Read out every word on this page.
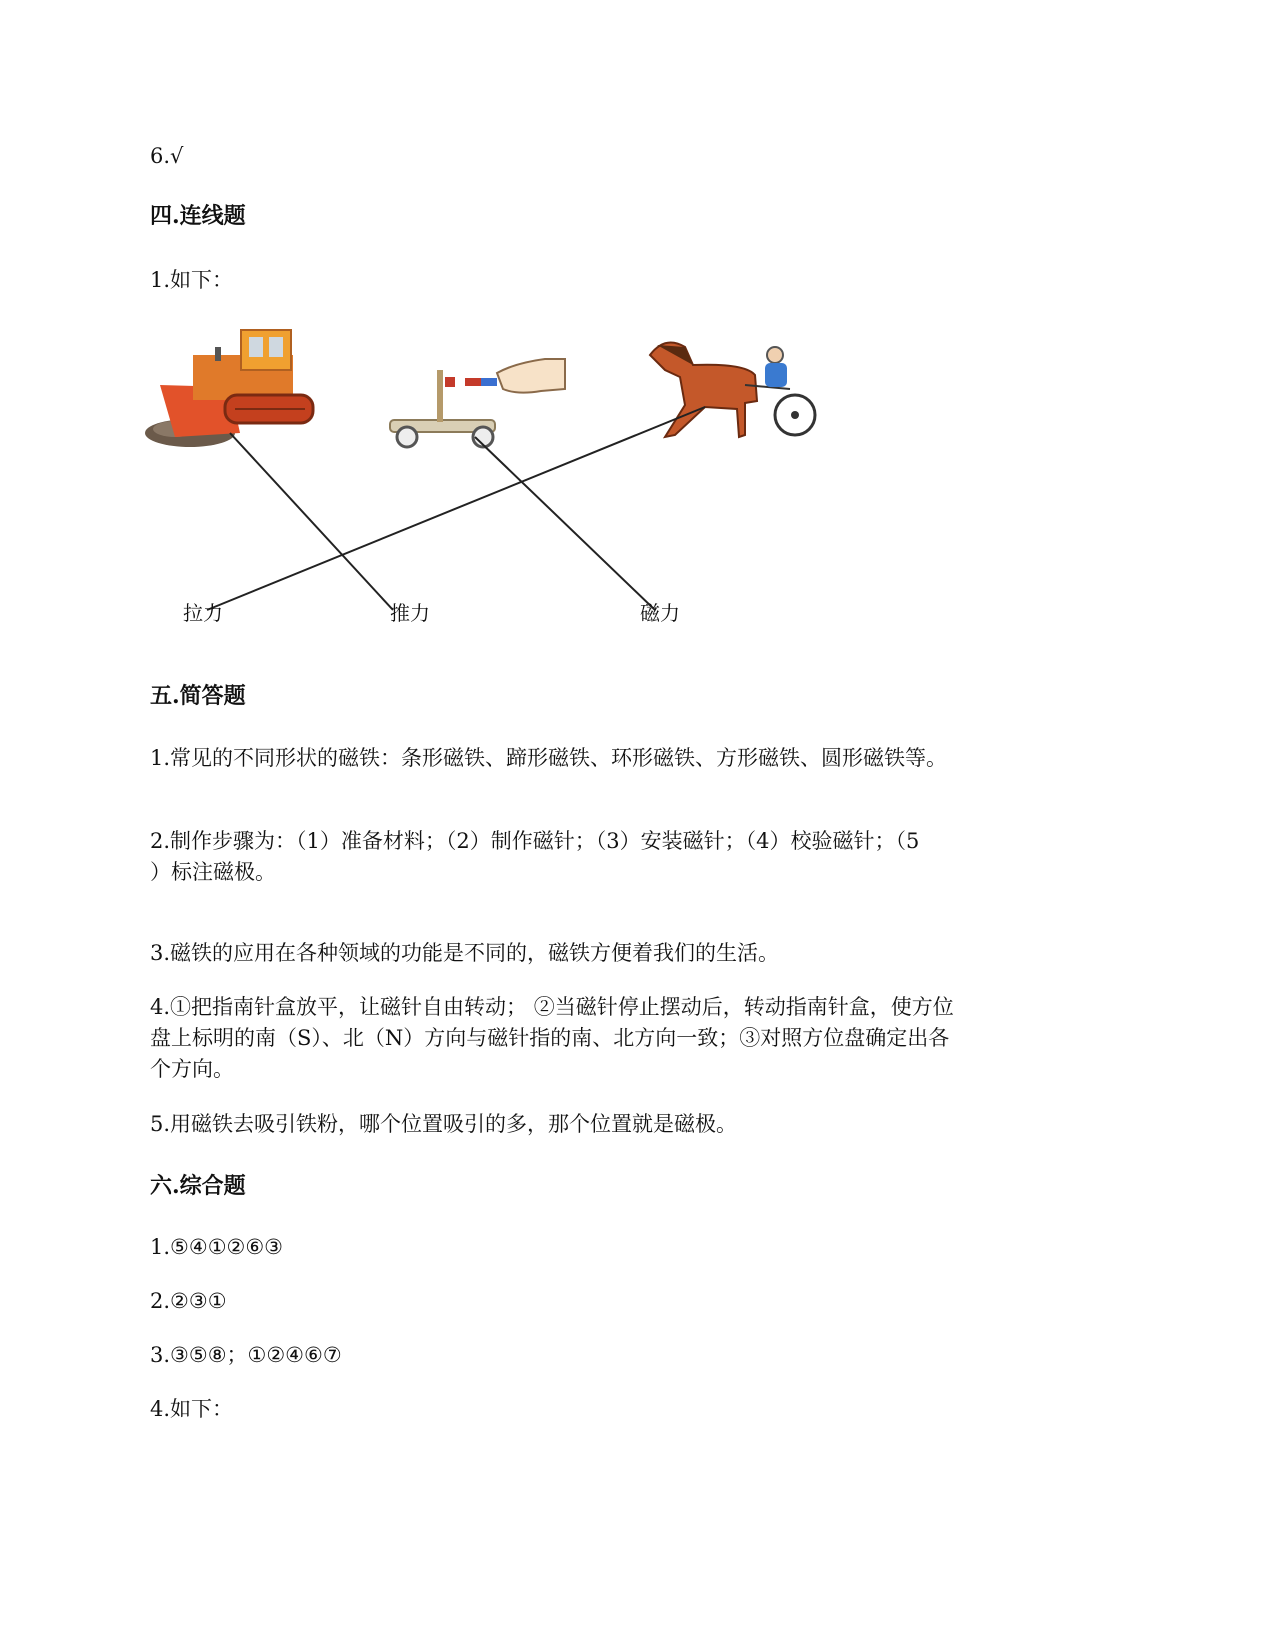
6.√
四.连线题
1.如下：
拉力	推力	磁力
五.简答题
1.常见的不同形状的磁铁：条形磁铁、蹄形磁铁、环形磁铁、方形磁铁、圆形磁铁等。
2.制作步骤为：（1）准备材料；（2）制作磁针；（3）安装磁针；（4）校验磁针；（5
）标注磁极。
3.磁铁的应用在各种领域的功能是不同的，磁铁方便着我们的生活。
4.①把指南针盒放平，让磁针自由转动； ②当磁针停止摆动后，转动指南针盒，使方位
盘上标明的南（S）、北（N）方向与磁针指的南、北方向一致；③对照方位盘确定出各
个方向。
5.用磁铁去吸引铁粉，哪个位置吸引的多，那个位置就是磁极。
六.综合题
1.⑤④①②⑥③
2.②③①
3.③⑤⑧；①②④⑥⑦
4.如下：
